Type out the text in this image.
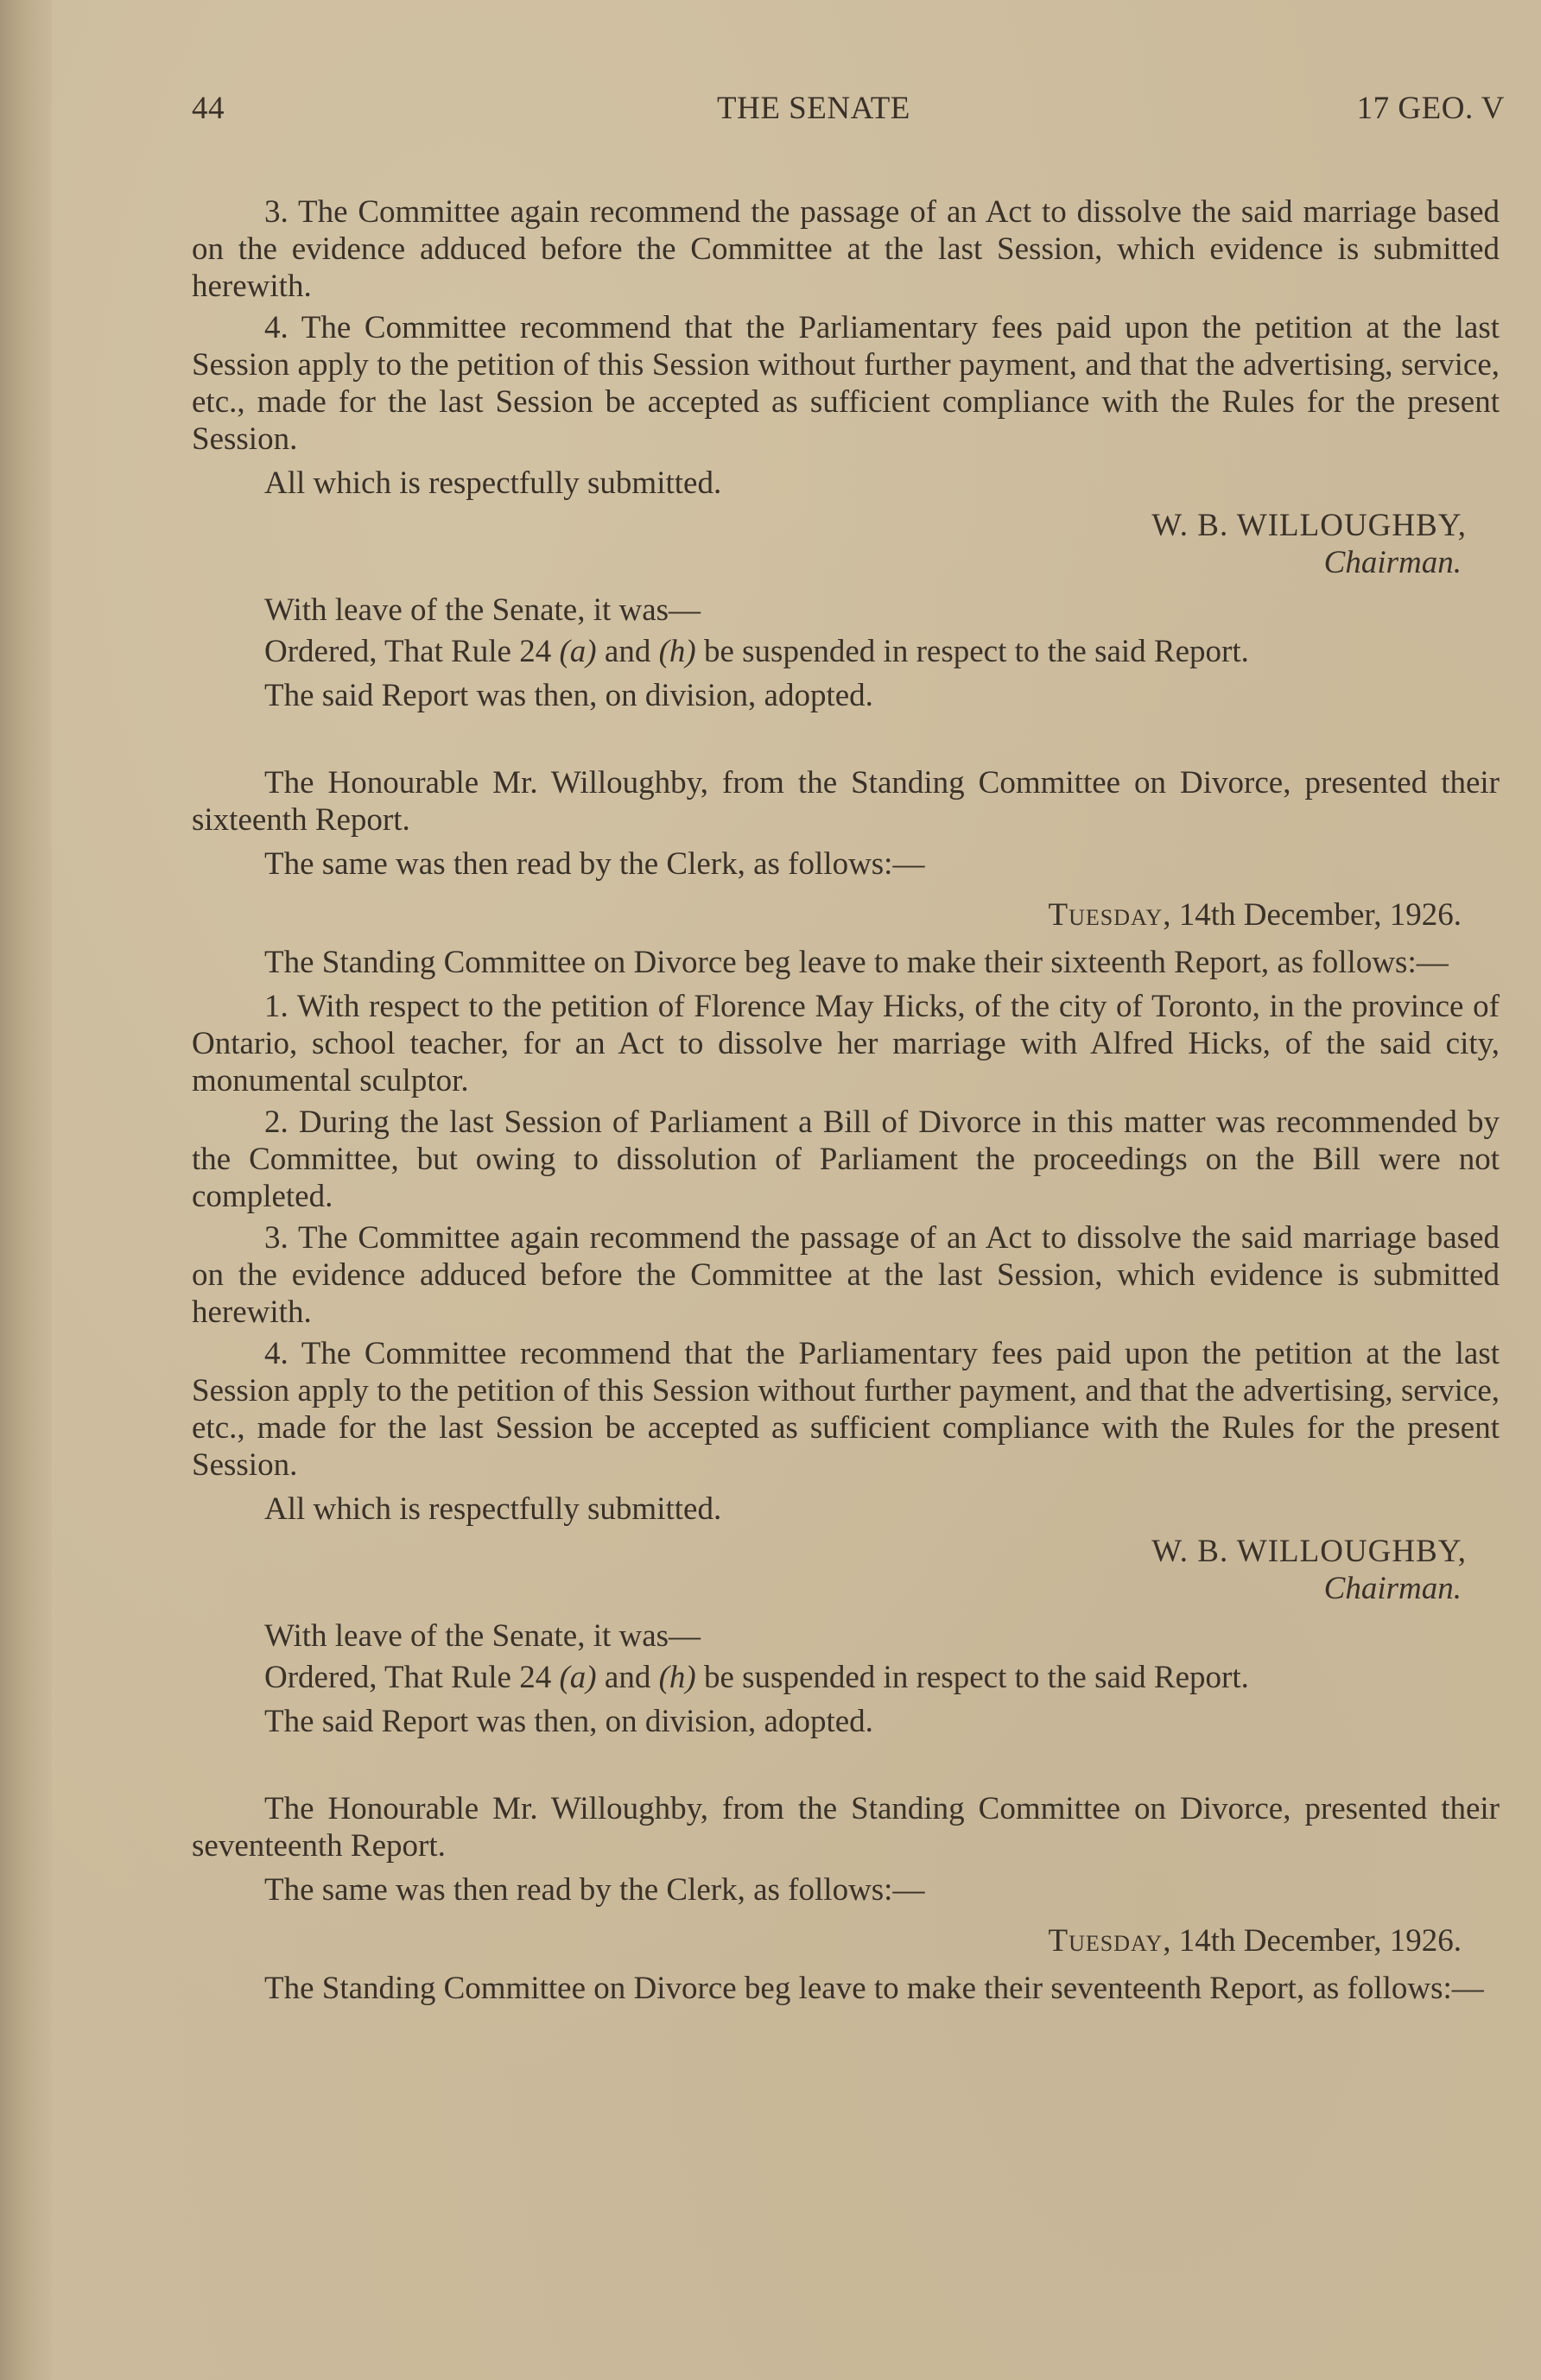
44	THE SENATE	17 GEO. V

3. The Committee again recommend the passage of an Act to dissolve the said marriage based on the evidence adduced before the Committee at the last Session, which evidence is submitted herewith.

4. The Committee recommend that the Parliamentary fees paid upon the petition at the last Session apply to the petition of this Session without further payment, and that the advertising, service, etc., made for the last Session be accepted as sufficient compliance with the Rules for the present Session.

All which is respectfully submitted.

W. B. WILLOUGHBY,

Chairman.

With leave of the Senate, it was—

Ordered, That Rule 24 (a) and (h) be suspended in respect to the said Report.

The said Report was then, on division, adopted.

The Honourable Mr. Willoughby, from the Standing Committee on Divorce, presented their sixteenth Report.

The same was then read by the Clerk, as follows:—

Tuesday, 14th December, 1926.

The Standing Committee on Divorce beg leave to make their sixteenth Report, as follows:—

1. With respect to the petition of Florence May Hicks, of the city of Toronto, in the province of Ontario, school teacher, for an Act to dissolve her marriage with Alfred Hicks, of the said city, monumental sculptor.

2. During the last Session of Parliament a Bill of Divorce in this matter was recommended by the Committee, but owing to dissolution of Parliament the proceedings on the Bill were not completed.

3. The Committee again recommend the passage of an Act to dissolve the said marriage based on the evidence adduced before the Committee at the last Session, which evidence is submitted herewith.

4. The Committee recommend that the Parliamentary fees paid upon the petition at the last Session apply to the petition of this Session without further payment, and that the advertising, service, etc., made for the last Session be accepted as sufficient compliance with the Rules for the present Session.

All which is respectfully submitted.

W. B. WILLOUGHBY,

Chairman.

With leave of the Senate, it was—

Ordered, That Rule 24 (a) and (h) be suspended in respect to the said Report.

The said Report was then, on division, adopted.

The Honourable Mr. Willoughby, from the Standing Committee on Divorce, presented their seventeenth Report.

The same was then read by the Clerk, as follows:—

Tuesday, 14th December, 1926.

The Standing Committee on Divorce beg leave to make their seventeenth Report, as follows:—
